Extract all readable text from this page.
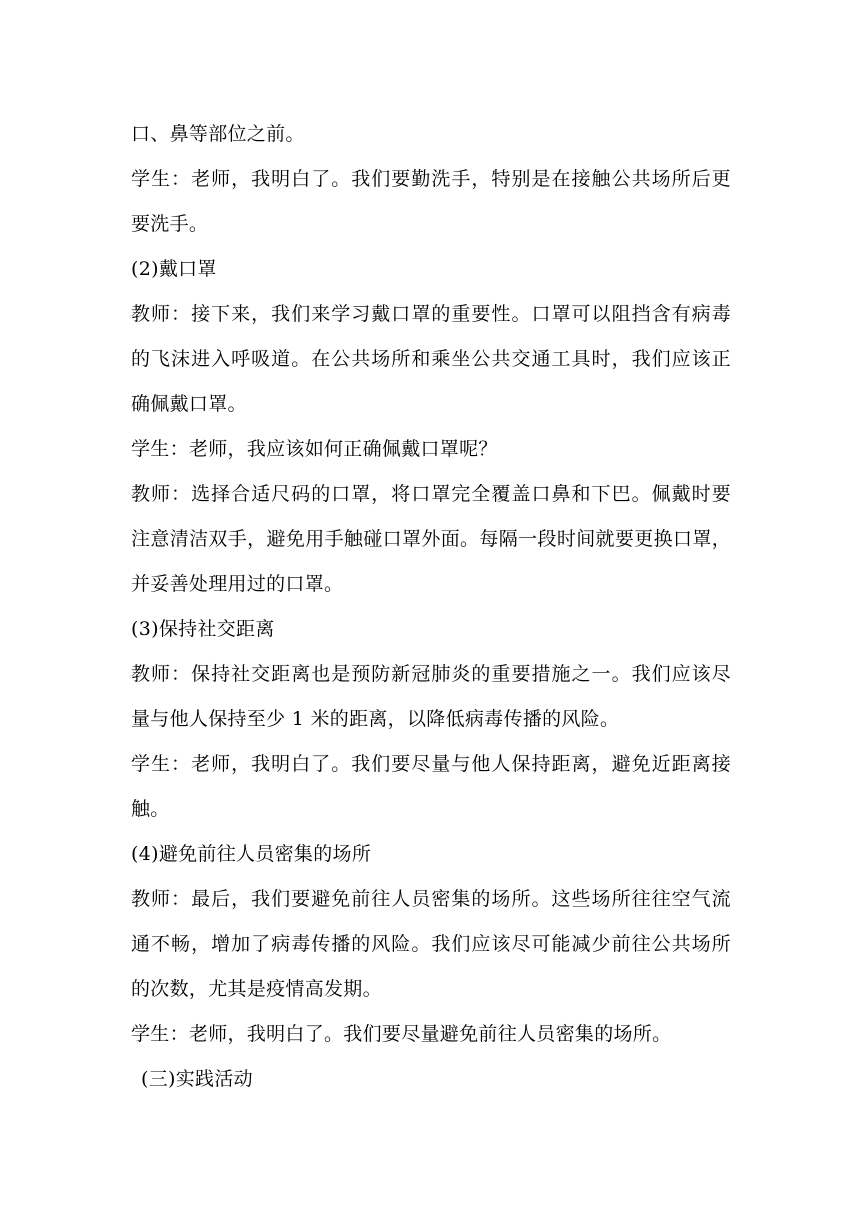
口、鼻等部位之前。
学生：老师，我明白了。我们要勤洗手，特别是在接触公共场所后更
要洗手。
(2)戴口罩
教师：接下来，我们来学习戴口罩的重要性。口罩可以阻挡含有病毒
的飞沫进入呼吸道。在公共场所和乘坐公共交通工具时，我们应该正
确佩戴口罩。
学生：老师，我应该如何正确佩戴口罩呢？
教师：选择合适尺码的口罩，将口罩完全覆盖口鼻和下巴。佩戴时要
注意清洁双手，避免用手触碰口罩外面。每隔一段时间就要更换口罩，
并妥善处理用过的口罩。
(3)保持社交距离
教师：保持社交距离也是预防新冠肺炎的重要措施之一。我们应该尽
量与他人保持至少 1 米的距离，以降低病毒传播的风险。
学生：老师，我明白了。我们要尽量与他人保持距离，避免近距离接
触。
(4)避免前往人员密集的场所
教师：最后，我们要避免前往人员密集的场所。这些场所往往空气流
通不畅，增加了病毒传播的风险。我们应该尽可能减少前往公共场所
的次数，尤其是疫情高发期。
学生：老师，我明白了。我们要尽量避免前往人员密集的场所。
(三)实践活动
